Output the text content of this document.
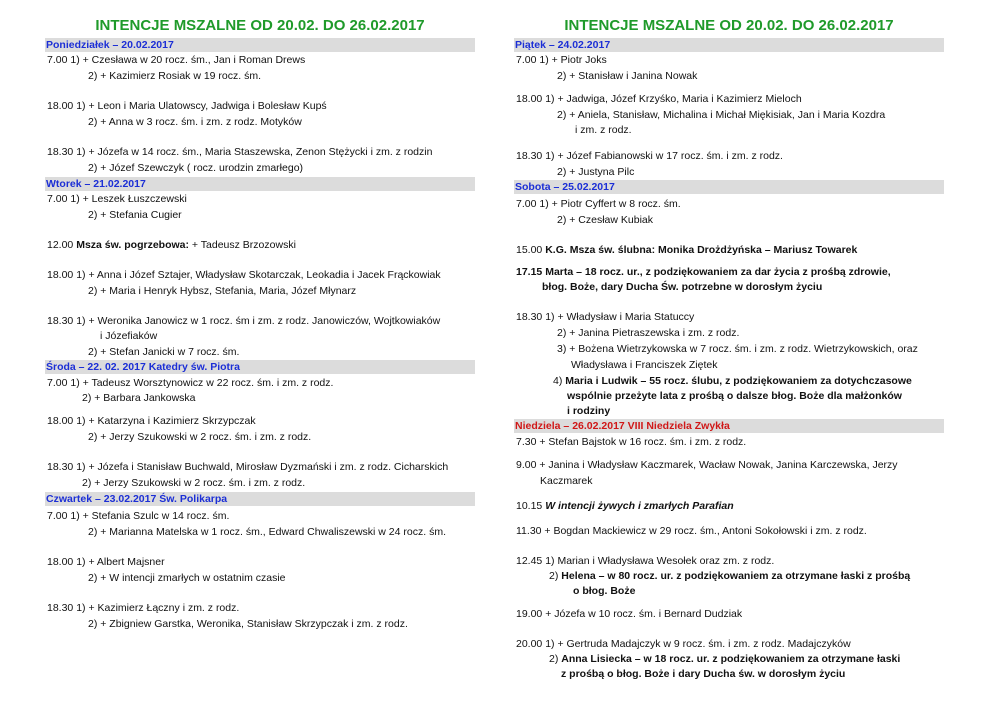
INTENCJE MSZALNE OD 20.02. DO 26.02.2017
Poniedziałek – 20.02.2017
7.00 1) + Czesława w 20 rocz. śm., Jan i Roman Drews
2) + Kazimierz Rosiak w 19 rocz. śm.
18.00 1) + Leon i Maria Ulatowscy, Jadwiga i Bolesław Kupś
2) + Anna w 3 rocz. śm. i zm. z rodz. Motyków
18.30 1) + Józefa w 14 rocz. śm., Maria Staszewska, Zenon Stężycki i zm. z rodzin
2) + Józef Szewczyk ( rocz. urodzin zmarłego)
Wtorek – 21.02.2017
7.00 1) + Leszek Łuszczewski
2) + Stefania Cugier
12.00 Msza św. pogrzebowa: + Tadeusz Brzozowski
18.00 1) + Anna i Józef Sztajer, Władysław Skotarczak, Leokadia i Jacek Frąckowiak
2) + Maria i Henryk Hybsz, Stefania, Maria, Józef Młynarz
18.30 1) + Weronika Janowicz w 1 rocz. śm i zm. z rodz. Janowiczów, Wojtkowiaków
i Józefiaków
2) + Stefan Janicki w 7 rocz. śm.
Środa – 22. 02. 2017 Katedry św. Piotra
7.00 1) + Tadeusz Worsztynowicz w 22 rocz. śm. i zm. z rodz.
2) + Barbara Jankowska
18.00 1) + Katarzyna i Kazimierz Skrzypczak
2) + Jerzy Szukowski w 2 rocz. śm. i zm. z rodz.
18.30 1) + Józefa i Stanisław Buchwald, Mirosław Dyzmański i zm. z rodz. Cicharskich
2) + Jerzy Szukowski w 2 rocz. śm. i zm. z rodz.
Czwartek – 23.02.2017 Św. Polikarpa
7.00 1) + Stefania Szulc w 14 rocz. śm.
2) + Marianna Matelska w 1 rocz. śm., Edward Chwaliszewski w 24 rocz. śm.
18.00 1) + Albert Majsner
2) + W intencji zmarłych w ostatnim czasie
18.30 1) + Kazimierz Łączny i zm. z rodz.
2) + Zbigniew Garstka, Weronika, Stanisław Skrzypczak i zm. z rodz.
INTENCJE MSZALNE OD 20.02. DO 26.02.2017
Piątek – 24.02.2017
7.00 1) + Piotr Joks
2) + Stanisław i Janina Nowak
18.00 1) + Jadwiga, Józef Krzyśko, Maria i Kazimierz Mieloch
2) + Aniela, Stanisław, Michalina i Michał Miękisiak, Jan i Maria Kozdra
i zm. z rodz.
18.30 1) + Józef Fabianowski w 17 rocz. śm. i zm. z rodz.
2) + Justyna Pilc
Sobota – 25.02.2017
7.00 1) + Piotr Cyffert w 8 rocz. śm.
2) + Czesław Kubiak
15.00 K.G. Msza św. ślubna: Monika Drożdżyńska – Mariusz Towarek
17.15 Marta – 18 rocz. ur., z podziękowaniem za dar życia z prośbą zdrowie,
błog. Boże, dary Ducha Św. potrzebne w dorosłym życiu
18.30 1) + Władysław i Maria Statuccy
2) + Janina Pietraszewska i zm. z rodz.
3) + Bożena Wietrzykowska w 7 rocz. śm. i zm. z rodz. Wietrzykowskich, oraz
Władysława i Franciszek Ziętek
4) Maria i Ludwik – 55 rocz. ślubu, z podziękowaniem za dotychczasowe
wspólnie przeżyte lata z prośbą o dalsze błog. Boże dla małżonków
i rodziny
Niedziela – 26.02.2017 VIII Niedziela Zwykła
7.30 + Stefan Bajstok w 16 rocz. śm. i zm. z rodz.
9.00 + Janina i Władysław Kaczmarek, Wacław Nowak, Janina Karczewska, Jerzy
Kaczmarek
10.15 W intencji żywych i zmarłych Parafian
11.30 + Bogdan Mackiewicz w 29 rocz. śm., Antoni Sokołowski i zm. z rodz.
12.45 1) Marian i Władysława Wesołek oraz zm. z rodz.
2) Helena – w 80 rocz. ur. z podziękowaniem za otrzymane łaski z prośbą
o błog. Boże
19.00 + Józefa w 10 rocz. śm. i Bernard Dudziak
20.00 1) + Gertruda Madajczyk w 9 rocz. śm. i zm. z rodz. Madajczyków
2) Anna Lisiecka – w 18 rocz. ur. z podziękowaniem za otrzymane łaski
z prośbą o błog. Boże i dary Ducha św. w dorosłym życiu
